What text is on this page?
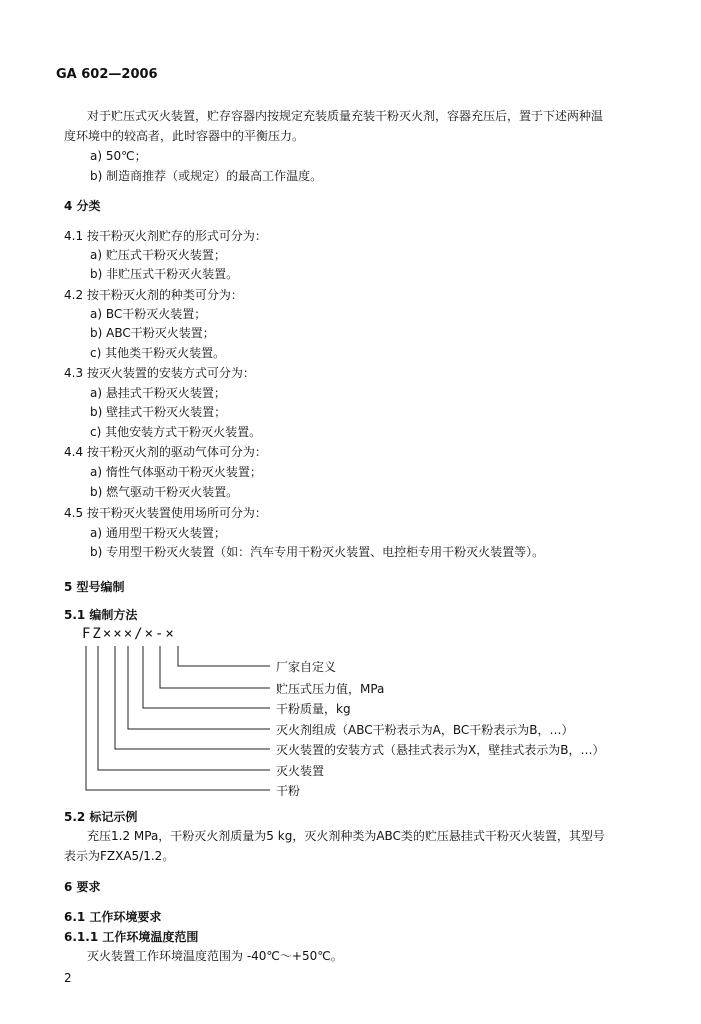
GA 602—2006
对于贮压式灭火装置，贮存容器内按规定充装质量充装干粉灭火剂，容器充压后，置于下述两种温
度环境中的较高者，此时容器中的平衡压力。
a) 50℃；
b) 制造商推荐（或规定）的最高工作温度。
4 分类
4.1 按干粉灭火剂贮存的形式可分为：
a) 贮压式干粉灭火装置；
b) 非贮压式干粉灭火装置。
4.2 按干粉灭火剂的种类可分为：
a) BC干粉灭火装置；
b) ABC干粉灭火装置；
c) 其他类干粉灭火装置。
4.3 按灭火装置的安装方式可分为：
a) 悬挂式干粉灭火装置；
b) 壁挂式干粉灭火装置；
c) 其他安装方式干粉灭火装置。
4.4 按干粉灭火剂的驱动气体可分为：
a) 惰性气体驱动干粉灭火装置；
b) 燃气驱动干粉灭火装置。
4.5 按干粉灭火装置使用场所可分为：
a) 通用型干粉灭火装置；
b) 专用型干粉灭火装置（如：汽车专用干粉灭火装置、电控柜专用干粉灭火装置等）。
5 型号编制
5.1 编制方法
FZ×××/×-×
厂家自定义
贮压式压力值，MPa
干粉质量，kg
灭火剂组成（ABC干粉表示为A，BC干粉表示为B，…）
灭火装置的安装方式（悬挂式表示为X，壁挂式表示为B，…）
灭火装置
干粉
5.2 标记示例
充压1.2 MPa，干粉灭火剂质量为5 kg，灭火剂种类为ABC类的贮压悬挂式干粉灭火装置，其型号
表示为FZXA5/1.2。
6 要求
6.1 工作环境要求
6.1.1 工作环境温度范围
灭火装置工作环境温度范围为 -40℃～+50℃。
2
